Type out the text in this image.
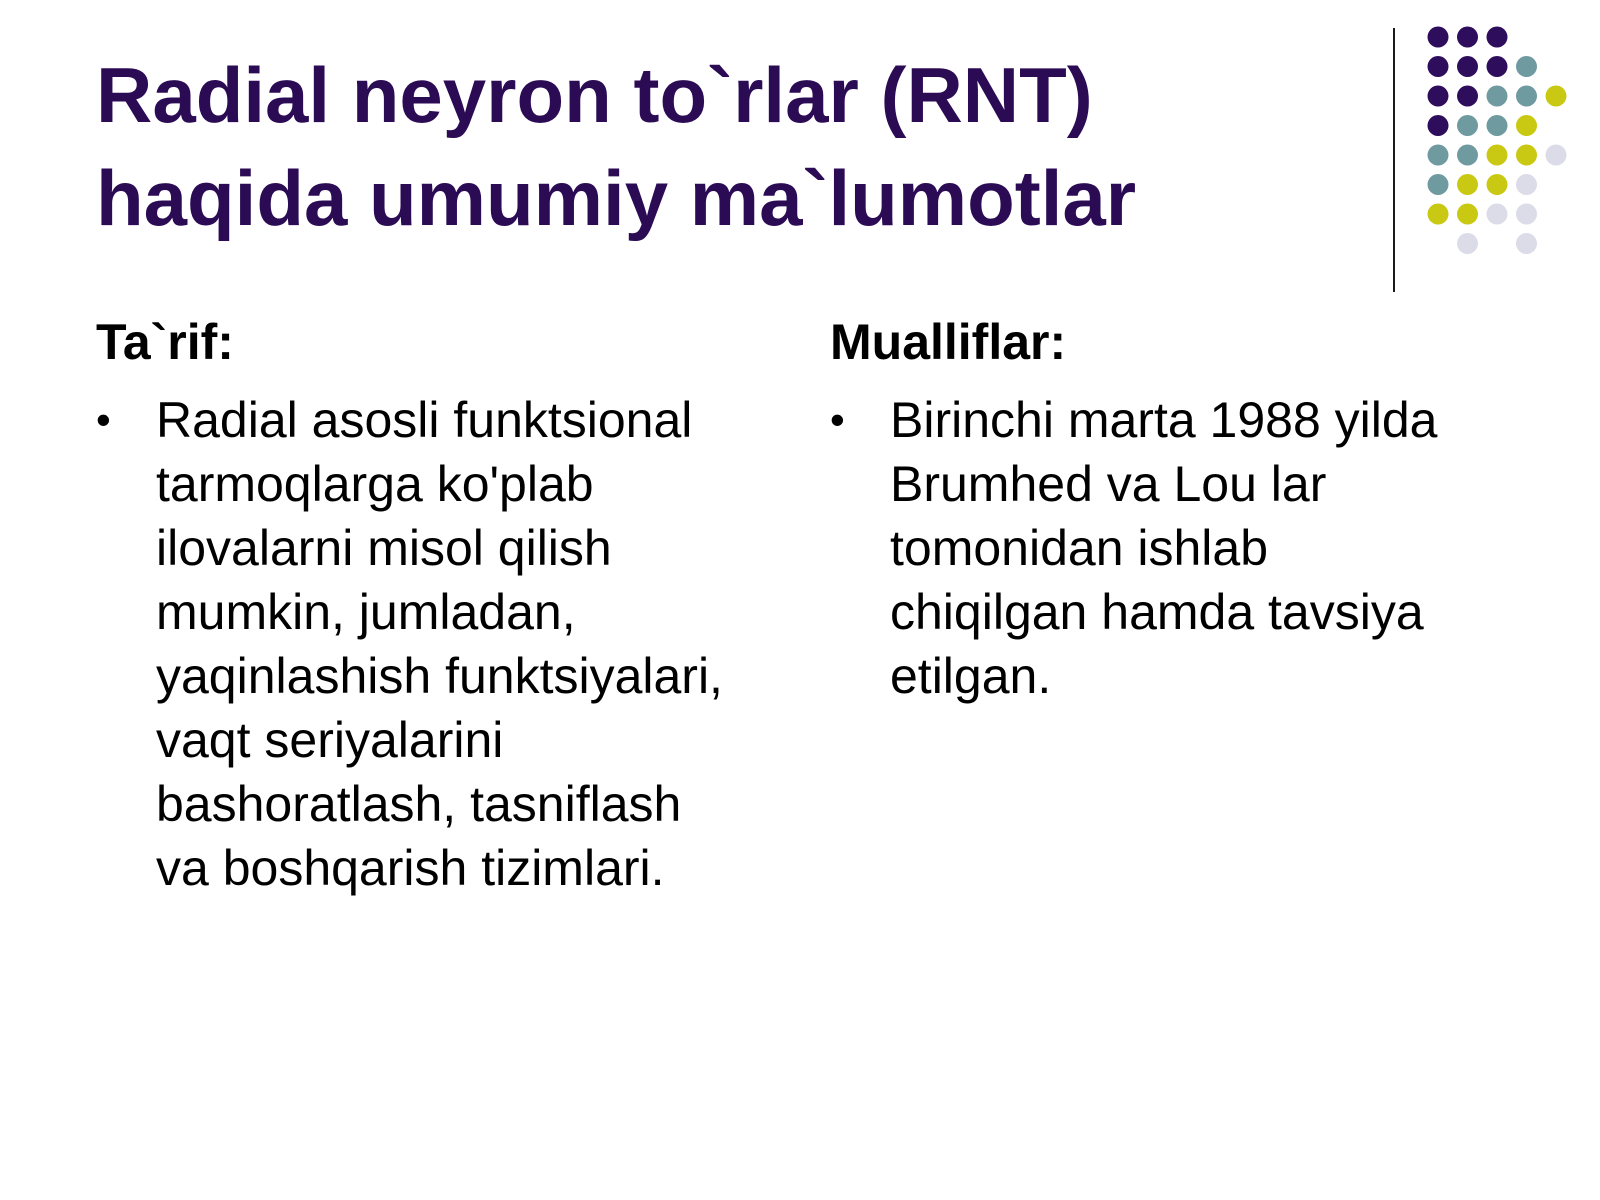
Radial neyron to`rlar (RNT)
haqida umumiy ma`lumotlar
Ta`rif:
• Radial asosli funktsional
tarmoqlarga ko'plab
ilovalarni misol qilish
mumkin, jumladan,
yaqinlashish funktsiyalari,
vaqt seriyalarini
bashoratlash, tasniflash
va boshqarish tizimlari.
Mualliflar:
• Birinchi marta 1988 yilda
Brumhed va Lou lar
tomonidan ishlab
chiqilgan hamda tavsiya
etilgan.
